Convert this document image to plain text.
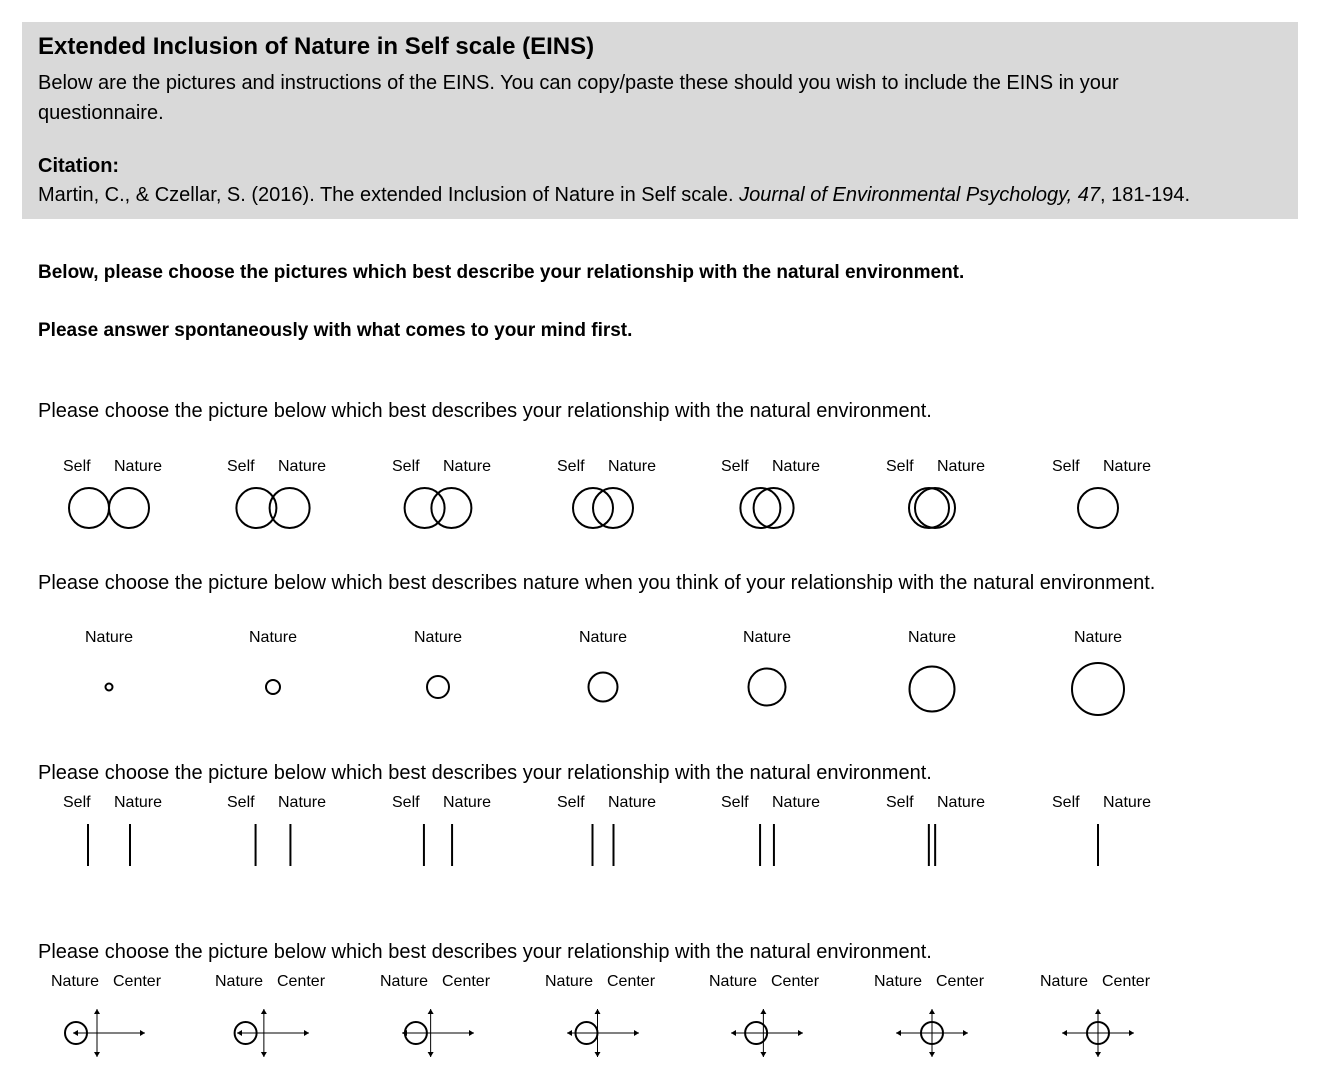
Extended Inclusion of Nature in Self scale (EINS)
Below are the pictures and instructions of the EINS. You can copy/paste these should you wish to include the EINS in your questionnaire.
Citation:
Martin, C., & Czellar, S. (2016). The extended Inclusion of Nature in Self scale. Journal of Environmental Psychology, 47, 181-194.
Below, please choose the pictures which best describe your relationship with the natural environment.
Please answer spontaneously with what comes to your mind first.
Please choose the picture below which best describes your relationship with the natural environment.
Please choose the picture below which best describes nature when you think of your relationship with the natural environment.
Please choose the picture below which best describes your relationship with the natural environment.
Please choose the picture below which best describes your relationship with the natural environment.
Self Nature	Self Nature	Self Nature	Self Nature	Self Nature	Self Nature	Self Nature
Nature	Nature	Nature	Nature	Nature	Nature	Nature
Self Nature	Self Nature	Self Nature	Self Nature	Self Nature	Self Nature	Self Nature
Nature Center	Nature Center	Nature Center	Nature Center	Nature Center	Nature Center	Nature Center
